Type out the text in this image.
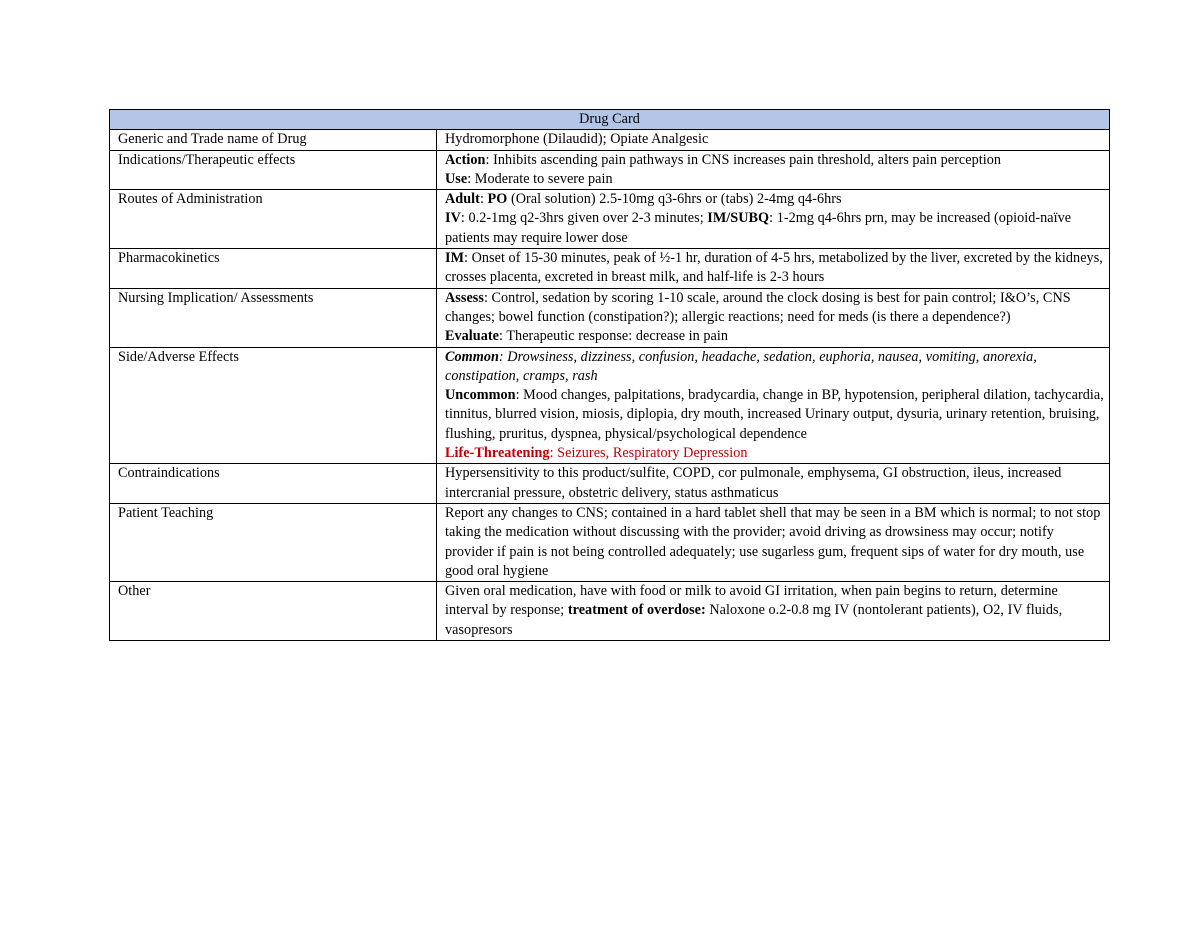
Drug Card	
Generic and Trade name of Drug	Hydromorphone (Dilaudid); Opiate Analgesic
Indications/Therapeutic effects	Action: Inhibits ascending pain pathways in CNS increases pain threshold, alters pain perception
Use: Moderate to severe pain

Routes of Administration	Adult: PO (Oral solution) 2.5-10mg q3-6hrs or (tabs) 2-4mg q4-6hrs
IV: 0.2-1mg q2-3hrs given over 2-3 minutes; IM/SUBQ: 1-2mg q4-6hrs prn, may be increased (opioid-naïve patients may require lower dose

Pharmacokinetics	IM: Onset of 15-30 minutes, peak of ½-1 hr, duration of 4-5 hrs, metabolized by the liver, excreted by the kidneys, crosses placenta, excreted in breast milk, and half-life is 2-3 hours
Nursing Implication/ Assessments	Assess: Control, sedation by scoring 1-10 scale, around the clock dosing is best for pain control; I&O’s, CNS changes; bowel function (constipation?); allergic reactions; need for meds (is there a dependence?)
Evaluate: Therapeutic response: decrease in pain

Side/Adverse Effects	Common: Drowsiness, dizziness, confusion, headache, sedation, euphoria, nausea, vomiting, anorexia, constipation, cramps, rash
Uncommon: Mood changes, palpitations, bradycardia, change in BP, hypotension, peripheral dilation, tachycardia, tinnitus, blurred vision, miosis, diplopia, dry mouth, increased Urinary output, dysuria, urinary retention, bruising, flushing, pruritus, dyspnea, physical/psychological dependence
Life-Threatening: Seizures, Respiratory Depression

Contraindications	Hypersensitivity to this product/sulfite, COPD, cor pulmonale, emphysema, GI obstruction, ileus, increased intercranial pressure, obstetric delivery, status asthmaticus
Patient Teaching	Report any changes to CNS; contained in a hard tablet shell that may be seen in a BM which is normal; to not stop taking the medication without discussing with the provider; avoid driving as drowsiness may occur; notify provider if pain is not being controlled adequately; use sugarless gum, frequent sips of water for dry mouth, use good oral hygiene
Other	Given oral medication, have with food or milk to avoid GI irritation, when pain begins to return, determine interval by response; treatment of overdose: Naloxone o.2-0.8 mg IV (nontolerant patients), O2, IV fluids, vasopresors
